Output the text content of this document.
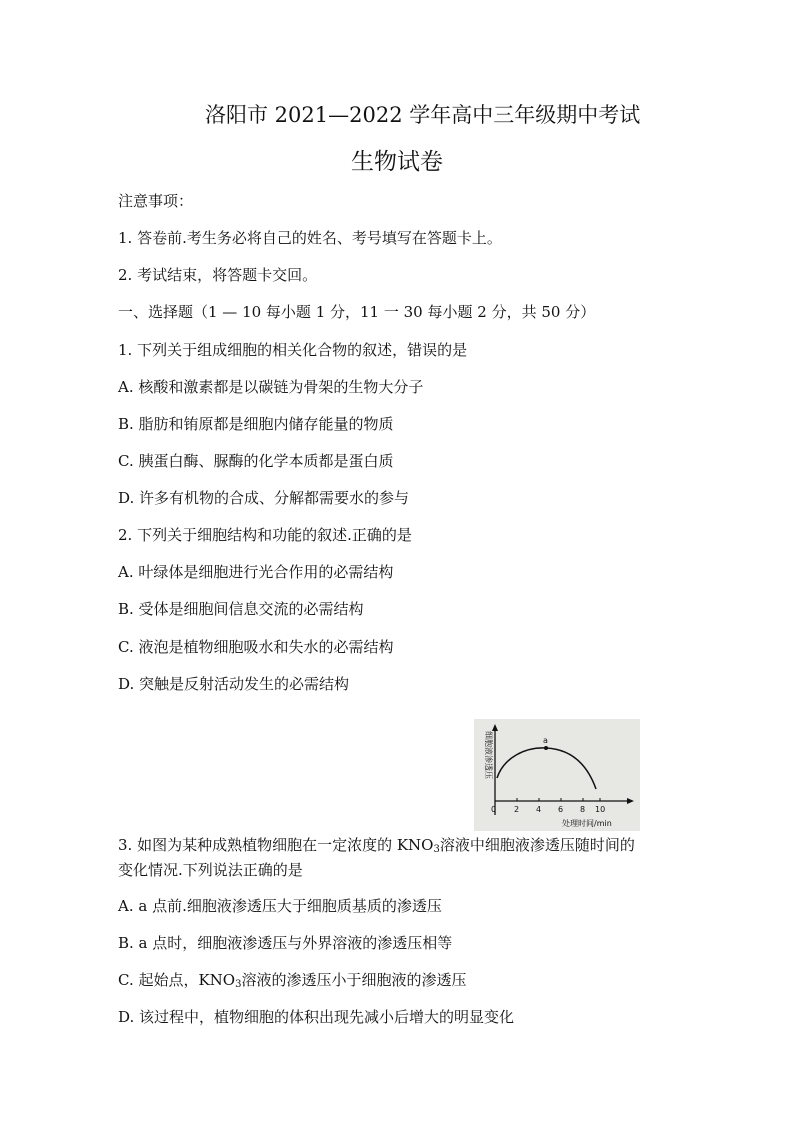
洛阳市 2021—2022 学年高中三年级期中考试
生物试卷
注意事项：
1. 答卷前.考生务必将自己的姓名、考号填写在答题卡上。
2. 考试结束，将答题卡交回。
一、选择题（1 — 10 每小题 1 分，11 一 30 每小题 2 分，共 50 分）
1. 下列关于组成细胞的相关化合物的叙述，错误的是
A. 核酸和激素都是以碳链为骨架的生物大分子
B. 脂肪和铕原都是细胞内储存能量的物质
C. 胰蛋白酶、脲酶的化学本质都是蛋白质
D. 许多有机物的合成、分解都需要水的参与
2. 下列关于细胞结构和功能的叙述.正确的是
A. 叶绿体是细胞进行光合作用的必需结构
B. 受体是细胞间信息交流的必需结构
C. 液泡是植物细胞吸水和失水的必需结构
D. 突触是反射活动发生的必需结构
a
0 2 4 6 8 10
处理时间/min
细胞液渗透压
3. 如图为某种成熟植物细胞在一定浓度的 $KNO_3$溶液中细胞液渗透压随时间的
变化情况.下列说法正确的是
A. a 点前.细胞液渗透压大于细胞质基质的渗透压
B. a 点时，细胞液渗透压与外界溶液的渗透压相等
C. 起始点，$KNO_3$溶液的渗透压小于细胞液的渗透压
D. 该过程中，植物细胞的体积出现先减小后增大的明显变化
